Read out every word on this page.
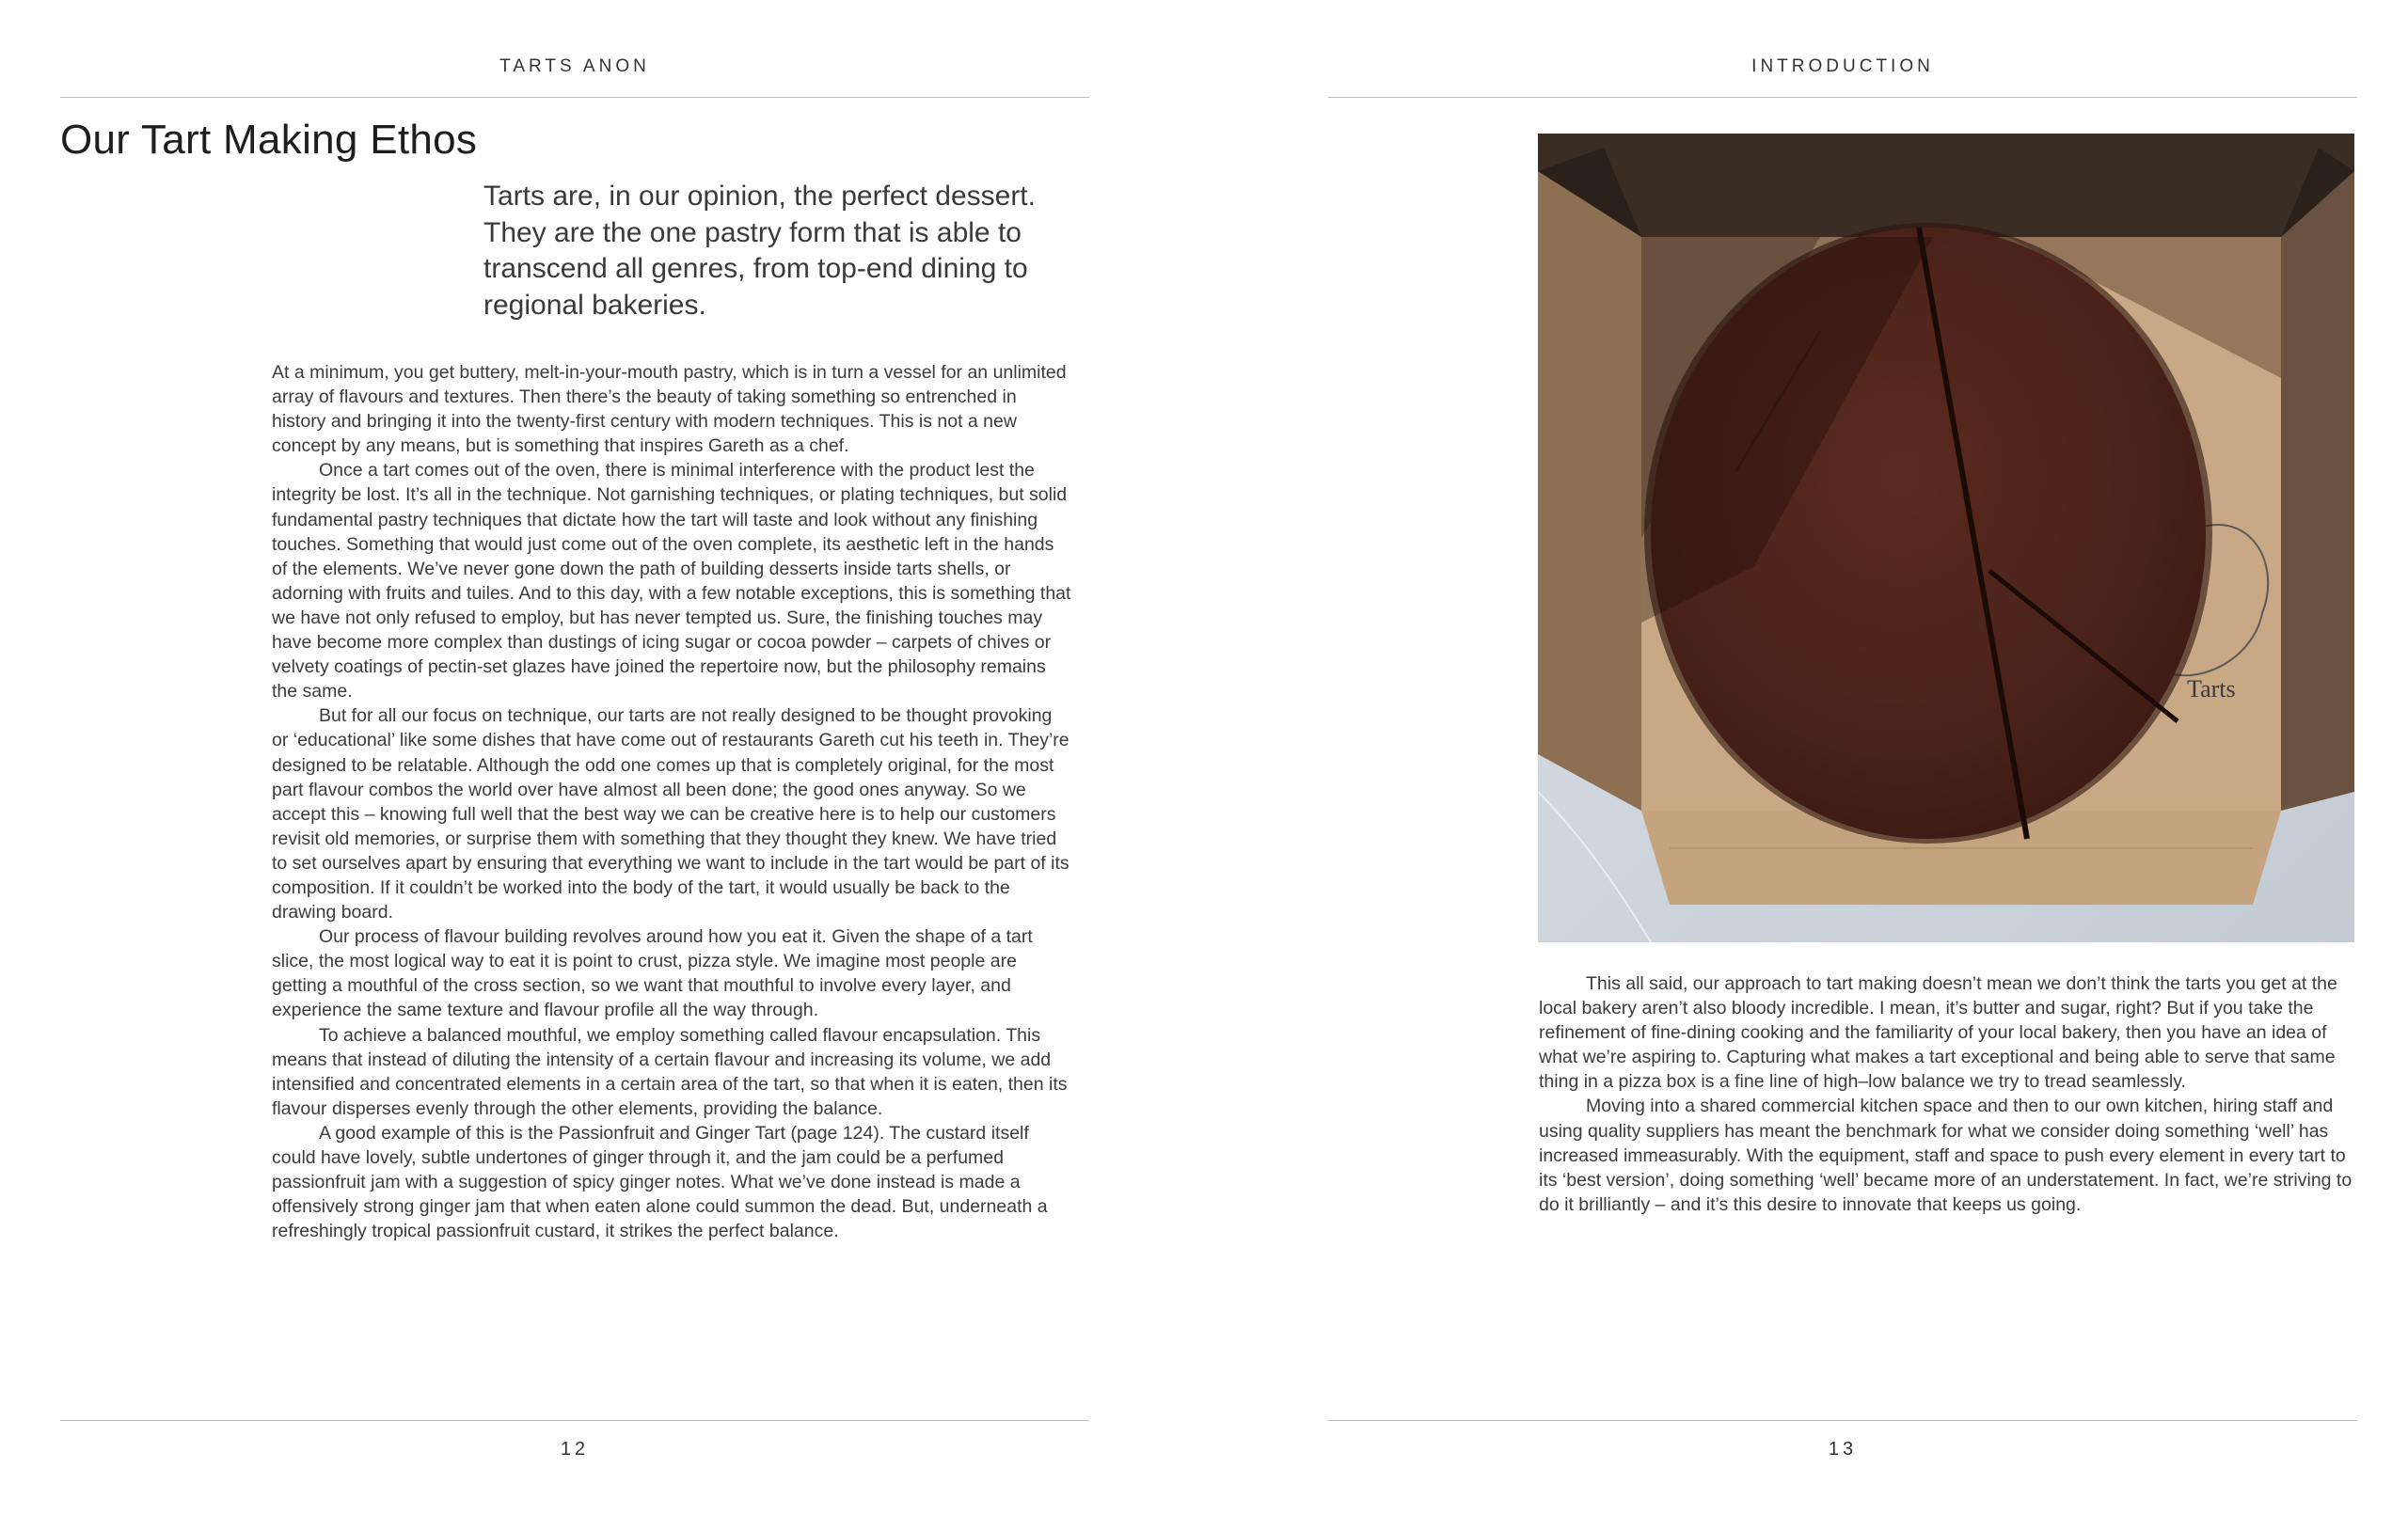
TARTS ANON
Our Tart Making Ethos

Tarts are, in our opinion, the perfect dessert. They are the one pastry form that is able to transcend all genres, from top-end dining to regional bakeries.

At a minimum, you get buttery, melt-in-your-mouth pastry, which is in turn a vessel for an unlimited array of flavours and textures. Then there’s the beauty of taking something so entrenched in history and bringing it into the twenty-first century with modern techniques. This is not a new concept by any means, but is something that inspires Gareth as a chef.

Once a tart comes out of the oven, there is minimal interference with the product lest the integrity be lost. It’s all in the technique. Not garnishing techniques, or plating techniques, but solid fundamental pastry techniques that dictate how the tart will taste and look without any finishing touches. Something that would just come out of the oven complete, its aesthetic left in the hands of the elements. We’ve never gone down the path of building desserts inside tarts shells, or adorning with fruits and tuiles. And to this day, with a few notable exceptions, this is something that we have not only refused to employ, but has never tempted us. Sure, the finishing touches may have become more complex than dustings of icing sugar or cocoa powder – carpets of chives or velvety coatings of pectin-set glazes have joined the repertoire now, but the philosophy remains the same.

But for all our focus on technique, our tarts are not really designed to be thought provoking or ‘educational’ like some dishes that have come out of restaurants Gareth cut his teeth in. They’re designed to be relatable. Although the odd one comes up that is completely original, for the most part flavour combos the world over have almost all been done; the good ones anyway. So we accept this – knowing full well that the best way we can be creative here is to help our customers revisit old memories, or surprise them with something that they thought they knew. We have tried to set ourselves apart by ensuring that everything we want to include in the tart would be part of its composition. If it couldn’t be worked into the body of the tart, it would usually be back to the drawing board.

Our process of flavour building revolves around how you eat it. Given the shape of a tart slice, the most logical way to eat it is point to crust, pizza style. We imagine most people are getting a mouthful of the cross section, so we want that mouthful to involve every layer, and experience the same texture and flavour profile all the way through.

To achieve a balanced mouthful, we employ something called flavour encapsulation. This means that instead of diluting the intensity of a certain flavour and increasing its volume, we add intensified and concentrated elements in a certain area of the tart, so that when it is eaten, then its flavour disperses evenly through the other elements, providing the balance.

A good example of this is the Passionfruit and Ginger Tart (page 124). The custard itself could have lovely, subtle undertones of ginger through it, and the jam could be a perfumed passionfruit jam with a suggestion of spicy ginger notes. What we’ve done instead is made a offensively strong ginger jam that when eaten alone could summon the dead. But, underneath a refreshingly tropical passionfruit custard, it strikes the perfect balance.

12
INTRODUCTION
Tarts

This all said, our approach to tart making doesn’t mean we don’t think the tarts you get at the local bakery aren’t also bloody incredible. I mean, it’s butter and sugar, right? But if you take the refinement of fine-dining cooking and the familiarity of your local bakery, then you have an idea of what we’re aspiring to. Capturing what makes a tart exceptional and being able to serve that same thing in a pizza box is a fine line of high–low balance we try to tread seamlessly.

Moving into a shared commercial kitchen space and then to our own kitchen, hiring staff and using quality suppliers has meant the benchmark for what we consider doing something ‘well’ has increased immeasurably. With the equipment, staff and space to push every element in every tart to its ‘best version’, doing something ‘well’ became more of an understatement. In fact, we’re striving to do it brilliantly – and it’s this desire to innovate that keeps us going.

13
